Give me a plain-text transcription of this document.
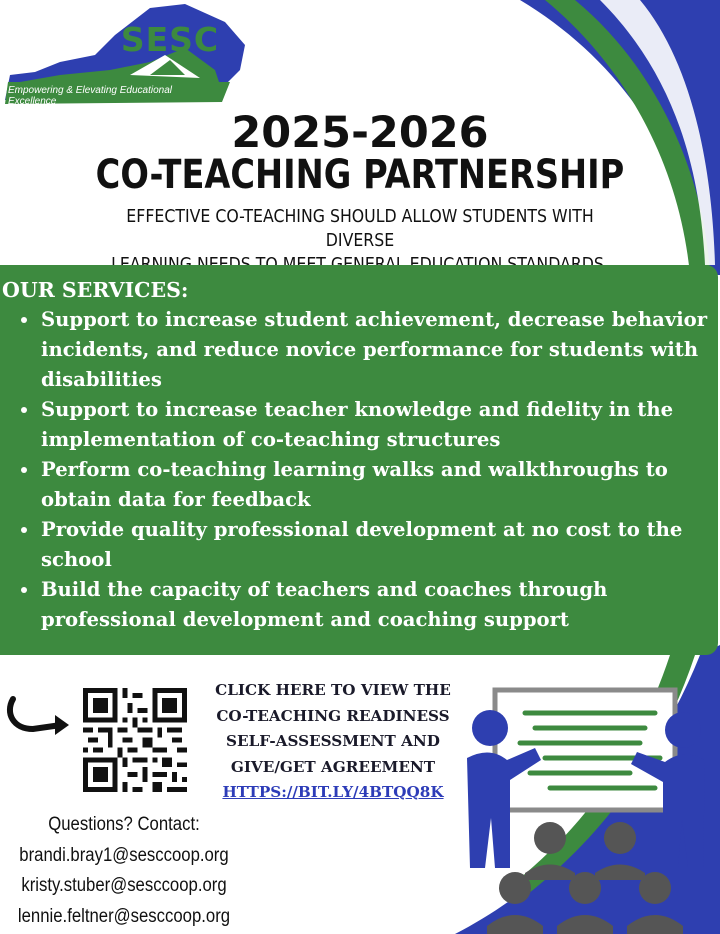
SESC
Empowering & Elevating Educational Excellence
2025-2026
CO-TEACHING PARTNERSHIP
EFFECTIVE CO-TEACHING SHOULD ALLOW STUDENTS WITH DIVERSE
OUR SERVICES:
• Support to increase student achievement, decrease behavior incidents, and reduce novice performance for students with disabilities
• Support to increase teacher knowledge and fidelity in the implementation of co-teaching structures
• Perform co-teaching learning walks and walkthroughs to obtain data for feedback
• Provide quality professional development at no cost to the school
• Build the capacity of teachers and coaches through professional development and coaching support
CLICK HERE TO VIEW THE
CO-TEACHING READINESS
SELF-ASSESSMENT AND
GIVE/GET AGREEMENT
HTTPS://BIT.LY/4BTQQ8K
Questions? Contact:
brandi.bray1@sesccoop.org
kristy.stuber@sesccoop.org
lennie.feltner@sesccoop.org
